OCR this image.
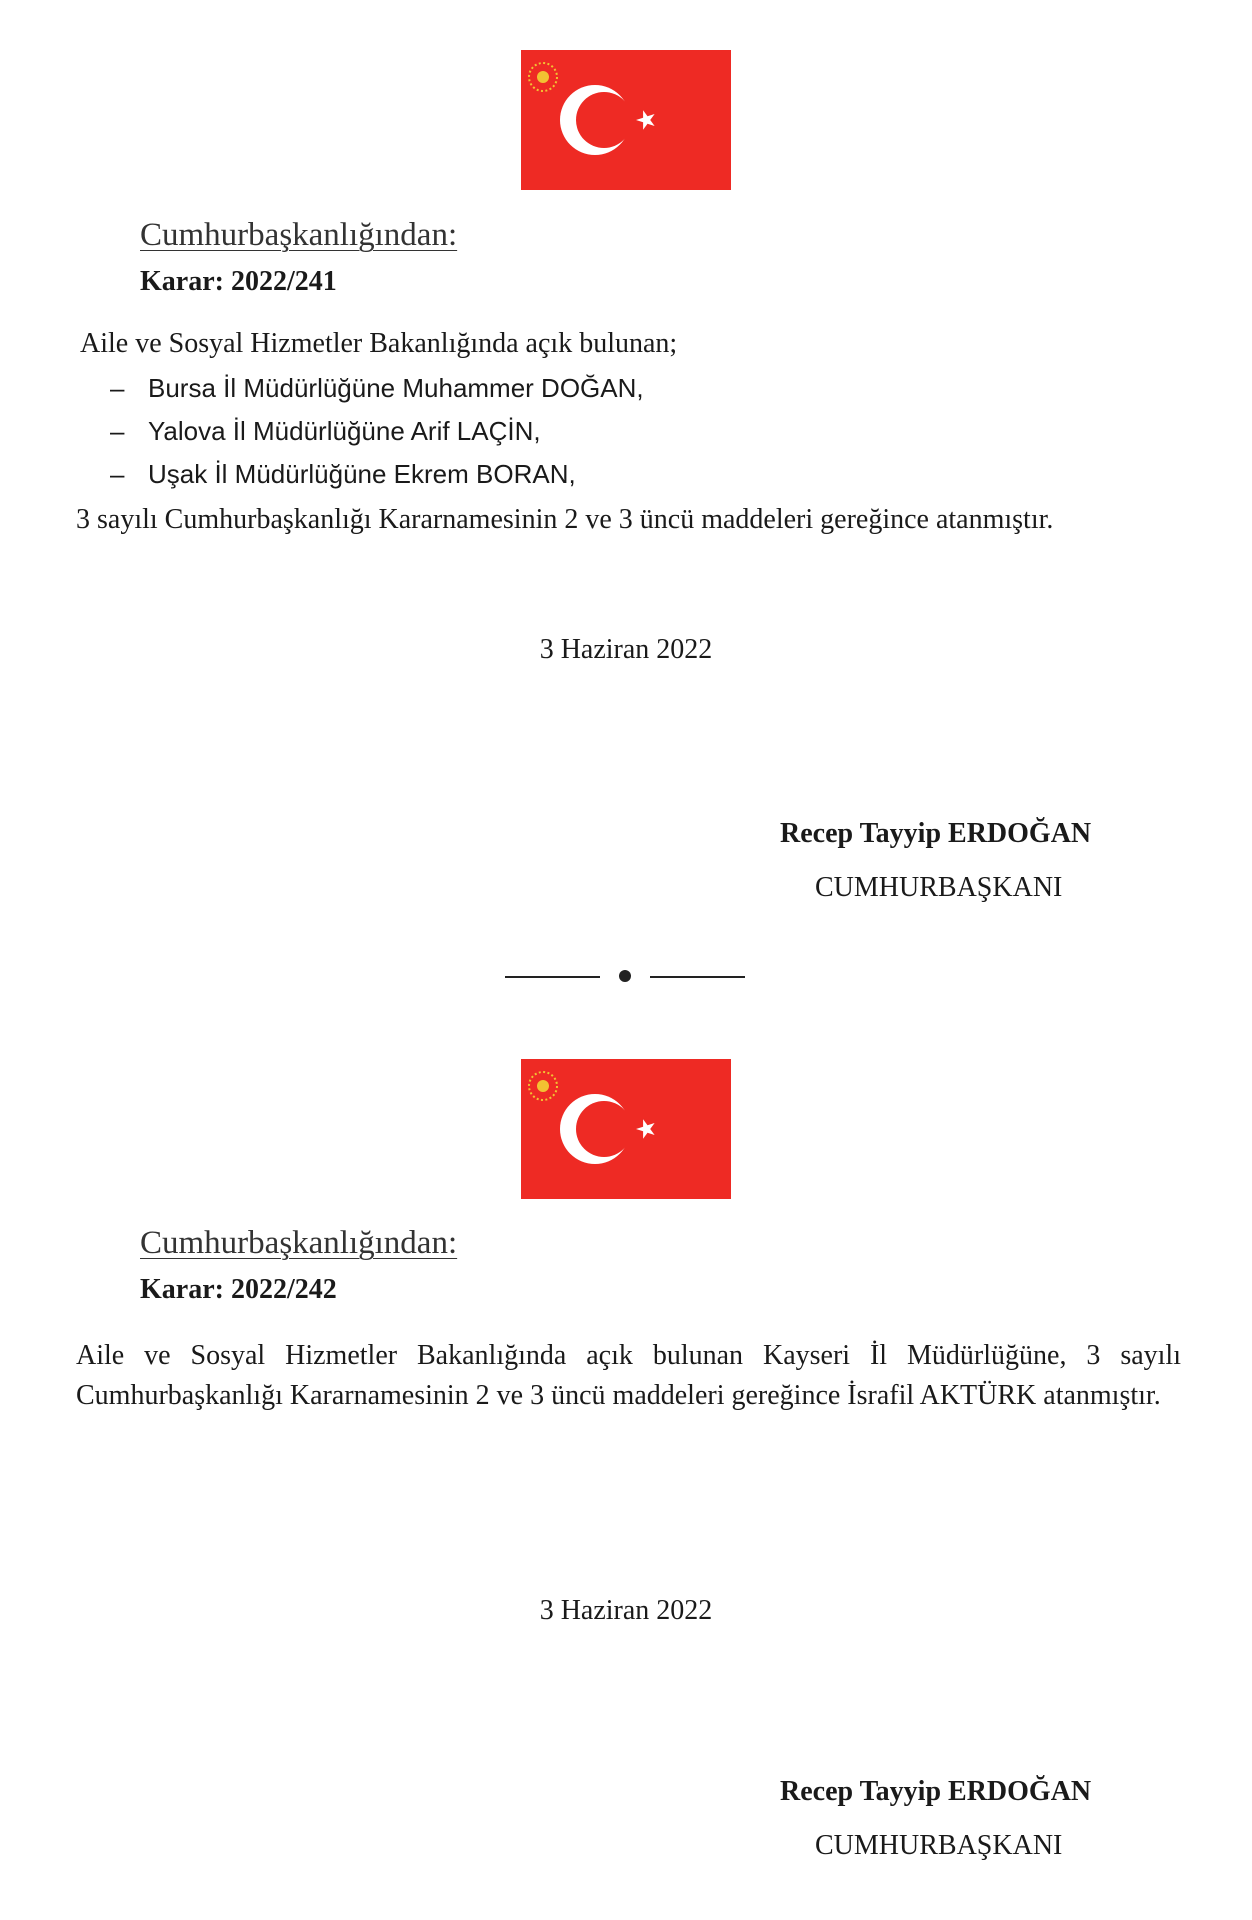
Cumhurbaşkanlığından:
Karar: 2022/241
Aile ve Sosyal Hizmetler Bakanlığında açık bulunan;
– Bursa İl Müdürlüğüne Muhammer DOĞAN,
– Yalova İl Müdürlüğüne Arif LAÇİN,
– Uşak İl Müdürlüğüne Ekrem BORAN,
3 sayılı Cumhurbaşkanlığı Kararnamesinin 2 ve 3 üncü maddeleri gereğince atanmıştır.
3 Haziran 2022
Recep Tayyip ERDOĞAN
CUMHURBAŞKANI
Cumhurbaşkanlığından:
Karar: 2022/242
Aile ve Sosyal Hizmetler Bakanlığında açık bulunan Kayseri İl Müdürlüğüne, 3 sayılı Cumhurbaşkanlığı Kararnamesinin 2 ve 3 üncü maddeleri gereğince İsrafil AKTÜRK atanmıştır.
3 Haziran 2022
Recep Tayyip ERDOĞAN
CUMHURBAŞKANI
